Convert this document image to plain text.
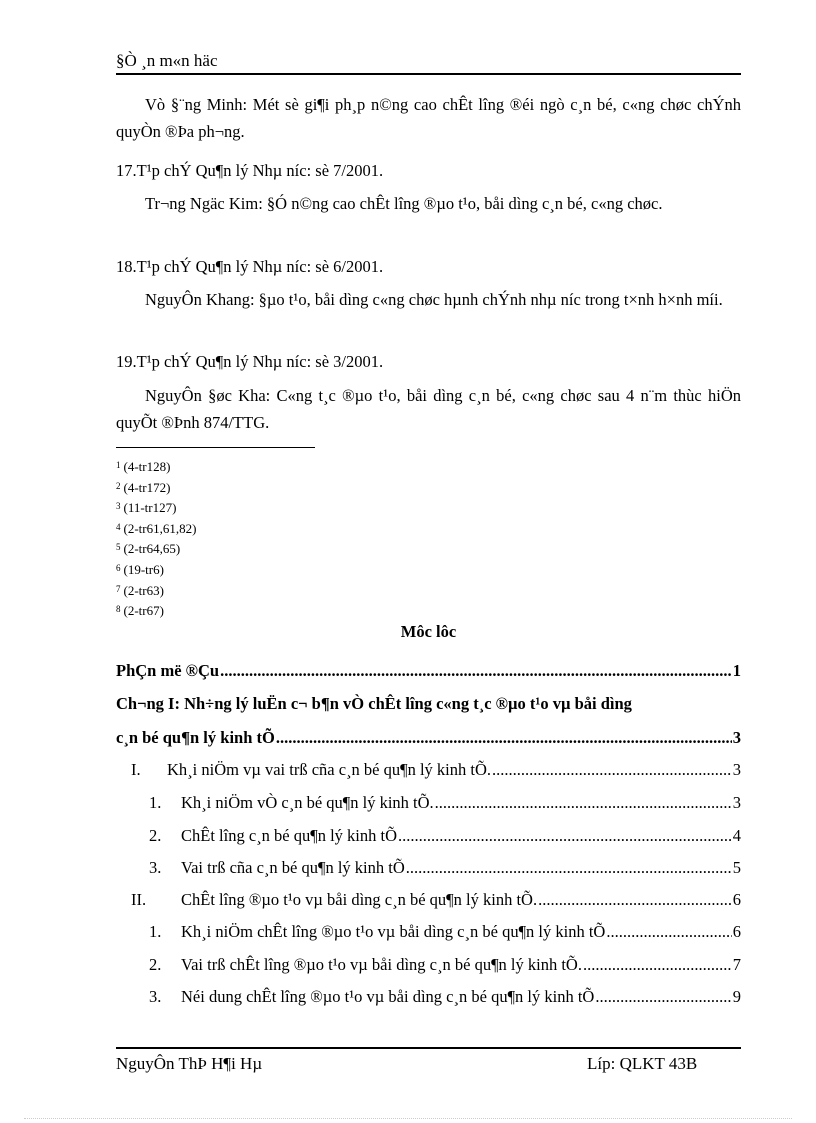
§Ò ¸n m«n häc
Vò §¨ng Minh: Mét sè gi¶i ph¸p n©ng cao chÊt lîng ®éi ngò c¸n bé, c«ng chøc chÝnh quyÒn ®Þa ph¬ng.
17.T¹p chÝ Qu¶n lý Nhµ níc: sè 7/2001.
Tr¬ng Ngäc Kim: §Ó n©ng cao chÊt lîng ®µo t¹o, båi dìng c¸n bé, c«ng chøc.
18.T¹p chÝ Qu¶n lý Nhµ níc: sè 6/2001.
NguyÔn Khang: §µo t¹o, båi dìng c«ng chøc hµnh chÝnh nhµ níc trong t×nh h×nh míi.
19.T¹p chÝ Qu¶n lý Nhµ níc: sè 3/2001.
NguyÔn §øc Kha: C«ng t¸c ®µo t¹o, båi dìng c¸n bé, c«ng chøc sau 4 n¨m thùc hiÖn quyÕt ®Þnh 874/TTG.
$^1$ (4-tr128)
$^2$ (4-tr172)
$^3$ (11-tr127)
$^4$ (2-tr61,61,82)
$^5$ (2-tr64,65)
$^6$ (19-tr6)
$^7$ (2-tr63)
$^8$ (2-tr67)
Môc lôc
PhÇn më ®Çu .....	1
Ch¬ng I: Nh÷ng lý luËn c¬ b¶n vÒ chÊt lîng c«ng t¸c ®µo t¹o vµ båi dìng
c¸n bé qu¶n lý kinh tÕ .....	3
I.	Kh¸i niÖm vµ vai trß cña c¸n bé qu¶n lý kinh tÕ. .....	3
1.	Kh¸i niÖm vÒ c¸n bé qu¶n lý kinh tÕ. .....	3
2.	ChÊt lîng c¸n bé qu¶n lý kinh tÕ .....	4
3.	Vai trß cña c¸n bé qu¶n lý kinh tÕ .....	5
II.	ChÊt lîng ®µo t¹o vµ båi dìng c¸n bé qu¶n lý kinh tÕ. .....	6
1.	Kh¸i niÖm chÊt lîng ®µo t¹o vµ båi dìng c¸n bé qu¶n lý kinh tÕ .....	6
2.	Vai trß chÊt lîng ®µo t¹o vµ båi dìng c¸n bé qu¶n lý kinh tÕ. .....	7
3.	Néi dung chÊt lîng ®µo t¹o vµ båi dìng c¸n bé qu¶n lý kinh tÕ .....	9
NguyÔn ThÞ H¶i Hµ	Líp: QLKT 43B
